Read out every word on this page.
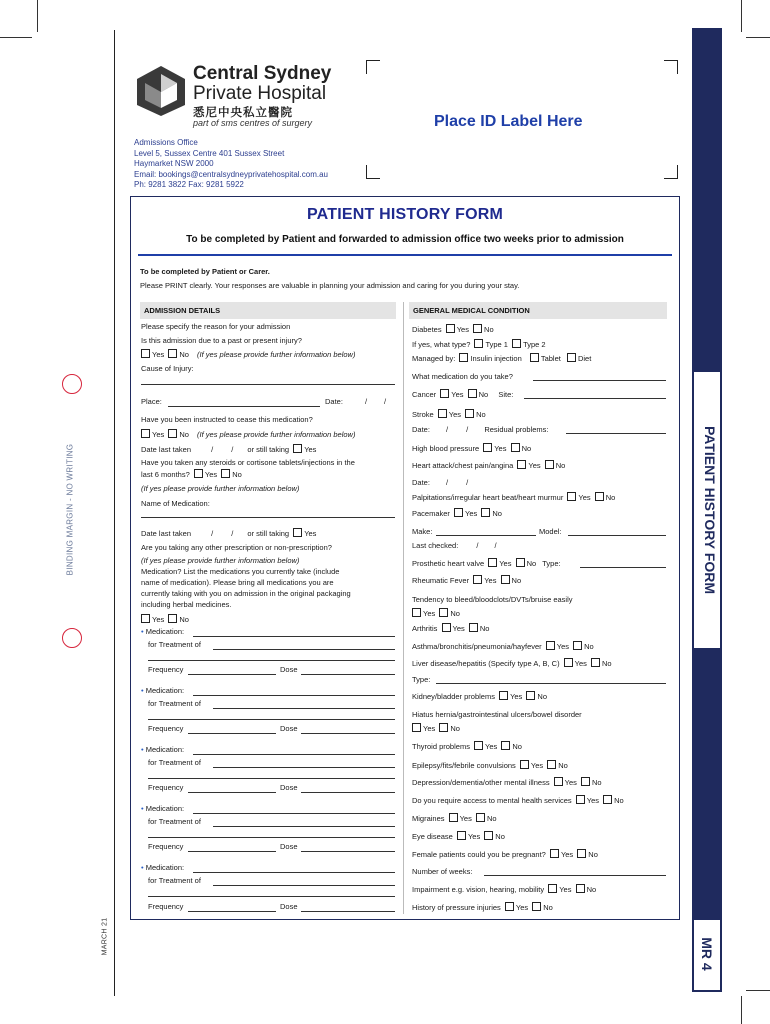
BINDING MARGIN - NO WRITING
MARCH 21
PATIENT HISTORY FORM
MR 4
Central Sydney
Private Hospital
悉尼中央私立醫院
part of sms centres of surgery
Admissions Office
Level 5, Sussex Centre 401 Sussex Street
Haymarket NSW 2000
Email: bookings@centralsydneyprivatehospital.com.au
Ph: 9281 3822 Fax: 9281 5922
Place ID Label Here
PATIENT HISTORY FORM
To be completed by Patient and forwarded to admission office two weeks prior to admission
To be completed by Patient or Carer.
Please PRINT clearly. Your responses are valuable in planning your admission and caring for you during your stay.
ADMISSION DETAILS	GENERAL MEDICAL CONDITION
Please specify the reason for your admission
Is this admission due to a past or present injury?
Yes No (If yes please provide further information below)
Cause of Injury:
Place:	Date:	/ /
Have you been instructed to cease this medication?
Yes No (If yes please provide further information below)
Date last taken	/ / or still taking Yes
Have you taken any steroids or cortisone tablets/injections in the
last 6 months? Yes No
(If yes please provide further information below)
Name of Medication:
Date last taken	/ / or still taking Yes
Are you taking any other prescription or non-prescription?
(If yes please provide further information below)
Medication? List the medications you currently take (include
name of medication). Please bring all medications you are
currently taking with you on admission in the original packaging
including herbal medicines.
Yes No
• Medication:
for Treatment of
Frequency	Dose
• Medication:
for Treatment of
Frequency	Dose
• Medication:
for Treatment of
Frequency	Dose
• Medication:
for Treatment of
Frequency	Dose
• Medication:
for Treatment of
Frequency	Dose
Diabetes Yes No
If yes, what type? Type 1 Type 2
Managed by: Insulin injection	Tablet Diet
What medication do you take?
Cancer Yes No Site:
Stroke Yes No
Date: / / Residual problems:
High blood pressure Yes No
Heart attack/chest pain/angina Yes No
Date: / /
Palpitations/irregular heart beat/heart murmur Yes No
Pacemaker Yes No
Make:	Model:
Last checked: / /
Prosthetic heart valve Yes No Type:
Rheumatic Fever Yes No
Tendency to bleed/bloodclots/DVTs/bruise easily
Yes No
Arthritis Yes No
Asthma/bronchitis/pneumonia/hayfever Yes No
Liver disease/hepatitis (Specify type A, B, C) Yes No
Type:
Kidney/bladder problems Yes No
Hiatus hernia/gastrointestinal ulcers/bowel disorder
Yes No
Thyroid problems Yes No
Epilepsy/fits/febrile convulsions Yes No
Depression/dementia/other mental illness Yes No
Do you require access to mental health services Yes No
Migraines Yes No
Eye disease Yes No
Female patients could you be pregnant? Yes No
Number of weeks:
Impairment e.g. vision, hearing, mobility Yes No
History of pressure injuries Yes No
